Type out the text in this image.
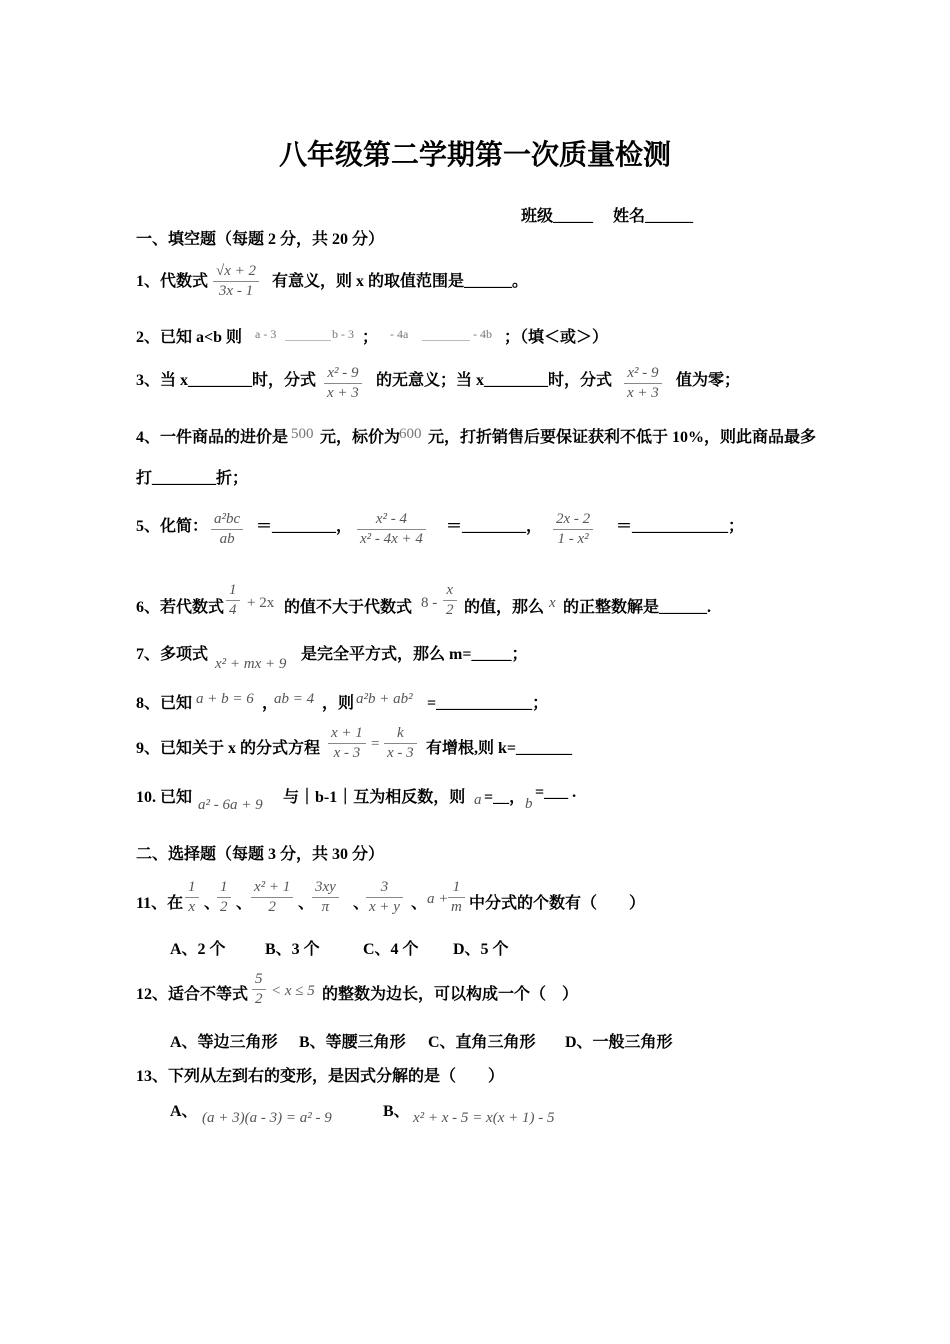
八年级第二学期第一次质量检测
班级_____ 姓名______
一、填空题（每题 2 分，共 20 分）
1、代数式
√x + 2
3x - 1
有意义，则 x 的取值范围是______。
2、已知 a<b 则 a - 3	b - 3 ； - 4a	- 4b ；（填＜或＞）
3、当 x________时，分式 x² - 9
x + 3
的无意义；当 x________时，分式 x² - 9
x + 3
值为零；
4、一件商品的进价是 500 元，标价为
600 元，打折销售后要保证获利不低于 10%，则此商品最多
打________折；
5、化简： a²bc
ab
＝________， x² - 4
x² - 4x + 4
＝________， 2x - 2
1 - x²
＝____________；
6、若代数式
1
4 + 2x 的值不大于代数式 8 -
x
2 的值，那么 x 的正整数解是______.
7、多项式
x² + mx + 9
是完全平方式，那么 m=_____；
8、已知 a + b = 6 ，
ab = 4 ，则 a²b + ab² =____________；
9、已知关于 x 的分式方程
x + 1
x - 3
=
k
x - 3 有增根,则 k=_______
10. 已知 a² - 6a + 9 与｜b-1｜互为相反数，则 a =__， b
=___ .
二、选择题（每题 3 分，共 30 分）
11、在
1
x 、
1
2 、
x² + 1
2 、
3xy
π 、
3
x + y 、 a +
1
m 中分式的个数有（　　）
A、2 个 B、3 个	C、4 个 D、5 个
12、适合不等式
5
2 < x ≤ 5 的整数为边长，可以构成一个（　）
A、等边三角形 B、等腰三角形 C、直角三角形 D、一般三角形
13、下列从左到右的变形，是因式分解的是（　　）
A、 (a + 3)(a - 3) = a² - 9	B、 x² + x - 5 = x(x + 1) - 5
